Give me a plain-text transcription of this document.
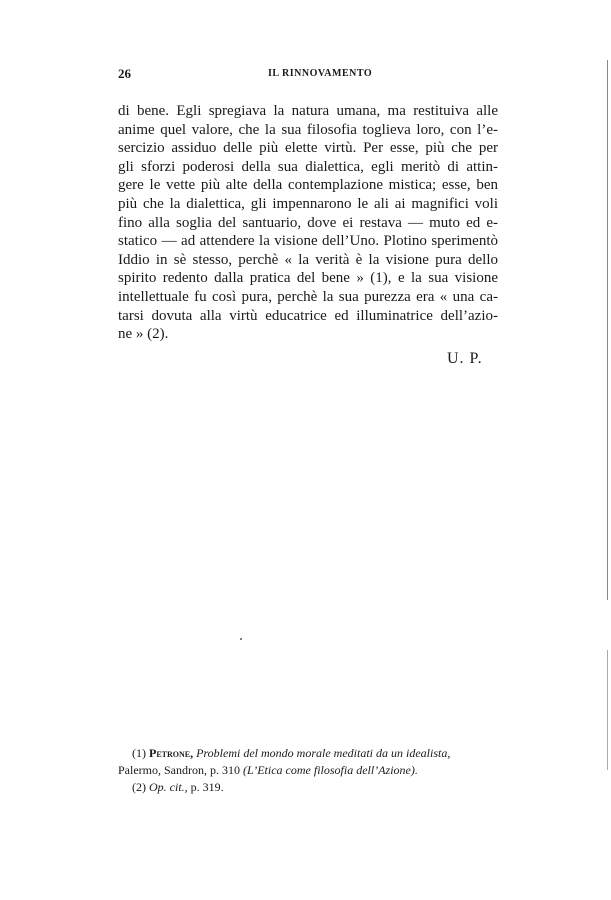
26	IL RINNOVAMENTO
di bene. Egli spregiava la natura umana, ma restituiva alle
anime quel valore, che la sua filosofia toglieva loro, con l’e-
sercizio assiduo delle più elette virtù. Per esse, più che per
gli sforzi poderosi della sua dialettica, egli meritò di attin-
gere le vette più alte della contemplazione mistica; esse, ben
più che la dialettica, gli impennarono le ali ai magnifici voli
fino alla soglia del santuario, dove ei restava — muto ed e-
statico — ad attendere la visione dell’Uno. Plotino sperimentò
Iddio in sè stesso, perchè « la verità è la visione pura dello
spirito redento dalla pratica del bene » (1), e la sua visione
intellettuale fu così pura, perchè la sua purezza era « una ca-
tarsi dovuta alla virtù educatrice ed illuminatrice dell’azio-
ne » (2).
U. P.
(1) Petrone, Problemi del mondo morale meditati da un idealista,
Palermo, Sandron, p. 310 (L’Etica come filosofia dell’Azione).
(2) Op. cit., p. 319.
